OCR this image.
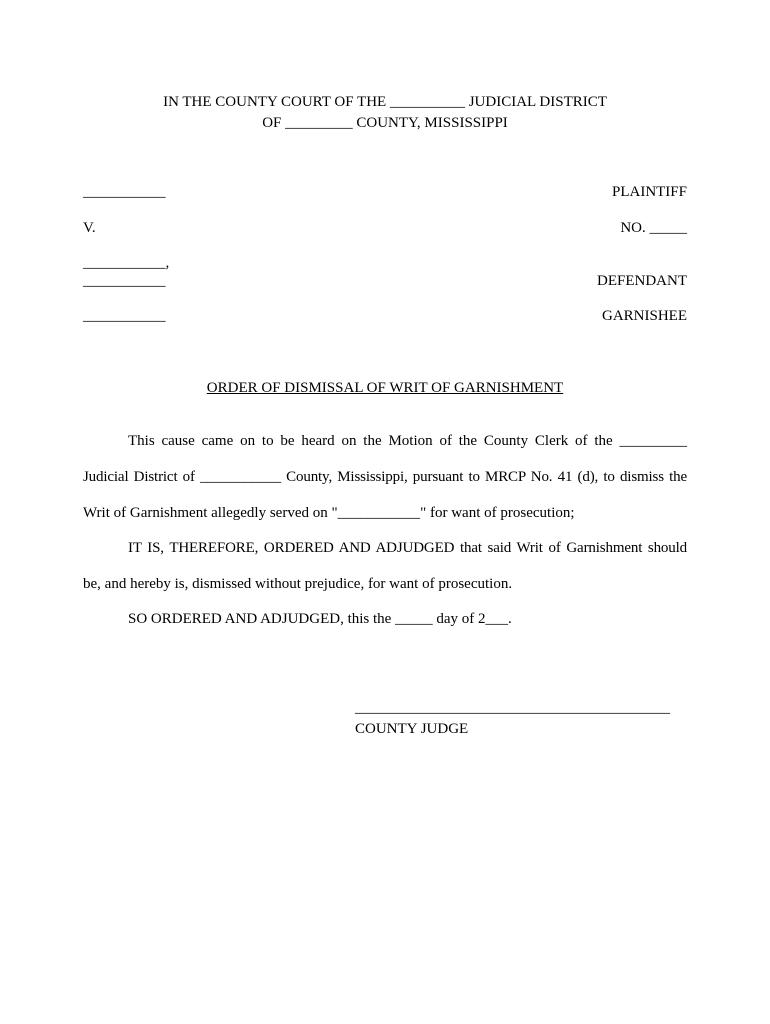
IN THE COUNTY COURT OF THE __________ JUDICIAL DISTRICT
OF _________ COUNTY, MISSISSIPPI
___________	PLAINTIFF
V.	NO. _____
___________,
___________	DEFENDANT
___________	GARNISHEE
ORDER OF DISMISSAL OF WRIT OF GARNISHMENT
This cause came on to be heard on the Motion of the County Clerk of the _________
Judicial District of ___________ County, Mississippi, pursuant to MRCP No. 41 (d), to dismiss the
Writ of Garnishment allegedly served on "___________" for want of prosecution;
IT IS, THEREFORE, ORDERED AND ADJUDGED that said Writ of Garnishment should
be, and hereby is, dismissed without prejudice, for want of prosecution.
SO ORDERED AND ADJUDGED, this the _____ day of 2___.
__________________________________________
COUNTY JUDGE
